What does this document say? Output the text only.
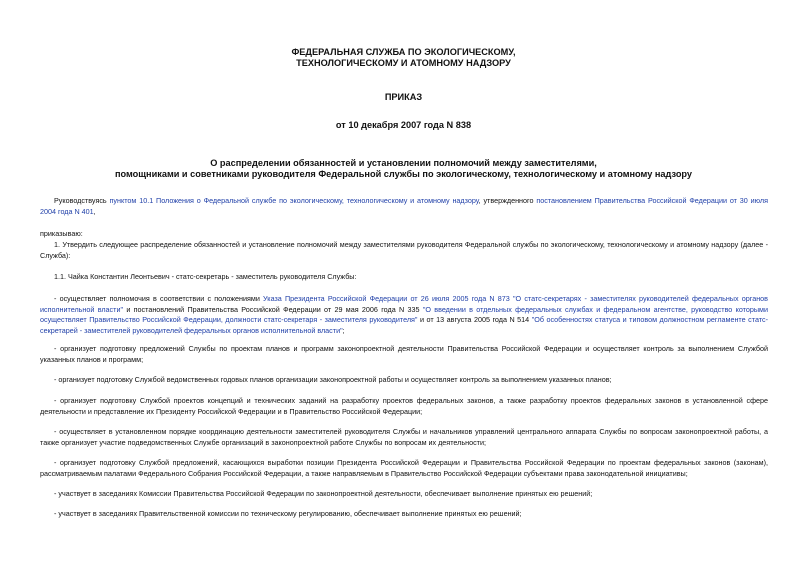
ФЕДЕРАЛЬНАЯ СЛУЖБА ПО ЭКОЛОГИЧЕСКОМУ,
ТЕХНОЛОГИЧЕСКОМУ И АТОМНОМУ НАДЗОРУ
ПРИКАЗ
от 10 декабря 2007 года N 838
О распределении обязанностей и установлении полномочий между заместителями,
помощниками и советниками руководителя Федеральной службы по экологическому, технологическому и атомному надзору
Руководствуясь пунктом 10.1 Положения о Федеральной службе по экологическому, технологическому и атомному надзору, утвержденного постановлением Правительства Российской Федерации от 30 июля 2004 года N 401,
приказываю:
1. Утвердить следующее распределение обязанностей и установление полномочий между заместителями руководителя Федеральной службы по экологическому, технологическому и атомному надзору (далее - Служба):
1.1. Чайка Константин Леонтьевич - статс-секретарь - заместитель руководителя Службы:
- осуществляет полномочия в соответствии с положениями Указа Президента Российской Федерации от 26 июля 2005 года N 873 "О статс-секретарях - заместителях руководителей федеральных органов исполнительной власти" и постановлений Правительства Российской Федерации от 29 мая 2006 года N 335 "О введении в отдельных федеральных службах и федеральном агентстве, руководство которыми осуществляет Правительство Российской Федерации, должности статс-секретаря - заместителя руководителя" и от 13 августа 2005 года N 514 "Об особенностях статуса и типовом должностном регламенте статс-секретарей - заместителей руководителей федеральных органов исполнительной власти";
- организует подготовку предложений Службы по проектам планов и программ законопроектной деятельности Правительства Российской Федерации и осуществляет контроль за выполнением Службой указанных планов и программ;
- организует подготовку Службой ведомственных годовых планов организации законопроектной работы и осуществляет контроль за выполнением указанных планов;
- организует подготовку Службой проектов концепций и технических заданий на разработку проектов федеральных законов, а также разработку проектов федеральных законов в установленной сфере деятельности и представление их Президенту Российской Федерации и в Правительство Российской Федерации;
- осуществляет в установленном порядке координацию деятельности заместителей руководителя Службы и начальников управлений центрального аппарата Службы по вопросам законопроектной работы, а также организует участие подведомственных Службе организаций в законопроектной работе Службы по вопросам их деятельности;
- организует подготовку Службой предложений, касающихся выработки позиции Президента Российской Федерации и Правительства Российской Федерации по проектам федеральных законов (законам), рассматриваемым палатами Федерального Собрания Российской Федерации, а также направляемым в Правительство Российской Федерации субъектами права законодательной инициативы;
- участвует в заседаниях Комиссии Правительства Российской Федерации по законопроектной деятельности, обеспечивает выполнение принятых ею решений;
- участвует в заседаниях Правительственной комиссии по техническому регулированию, обеспечивает выполнение принятых ею решений;
